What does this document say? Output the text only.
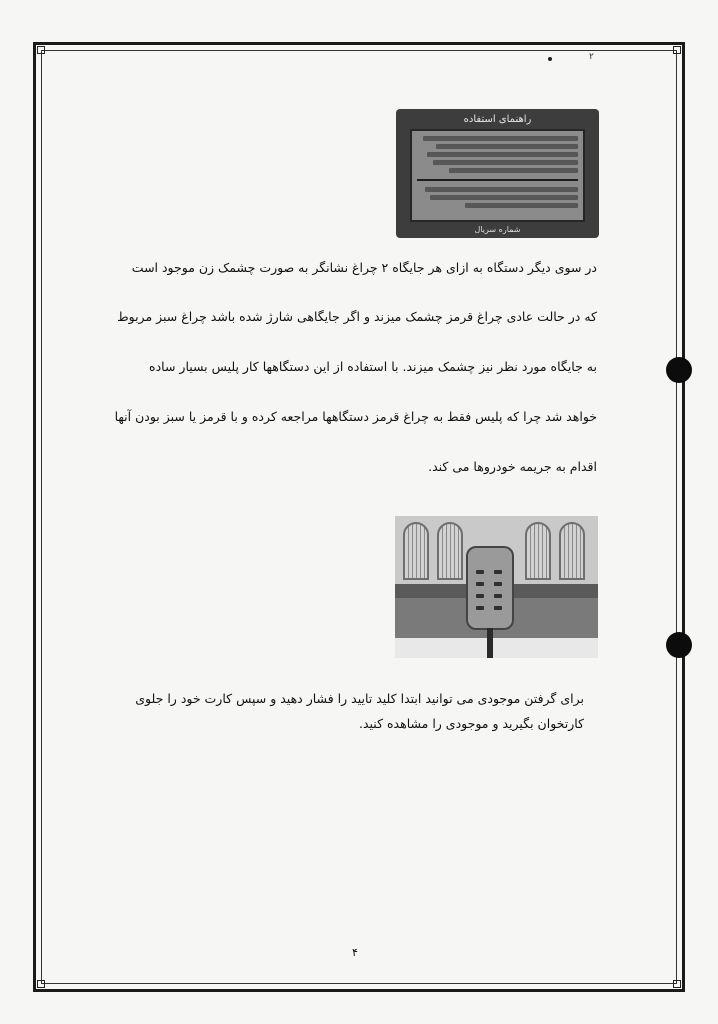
۲
راهنمای استفاده
شماره سریال
در سوی دیگر دستگاه به ازای هر جایگاه ۲ چراغ نشانگر به صورت چشمک زن موجود است
که در حالت عادی چراغ قرمز چشمک میزند و اگر جایگاهی شارژ شده باشد چراغ سبز مربوط
به جایگاه مورد نظر نیز چشمک میزند. با استفاده از این دستگاهها کار پلیس بسیار ساده
خواهد شد چرا که پلیس فقط به چراغ قرمز دستگاهها مراجعه کرده و با قرمز یا سبز بودن آنها
اقدام به جریمه خودروها می کند.
برای گرفتن موجودی می توانید ابتدا کلید تایید را فشار دهید و سپس کارت خود را جلوی
کارتخوان بگیرید و موجودی را مشاهده کنید.
۴
